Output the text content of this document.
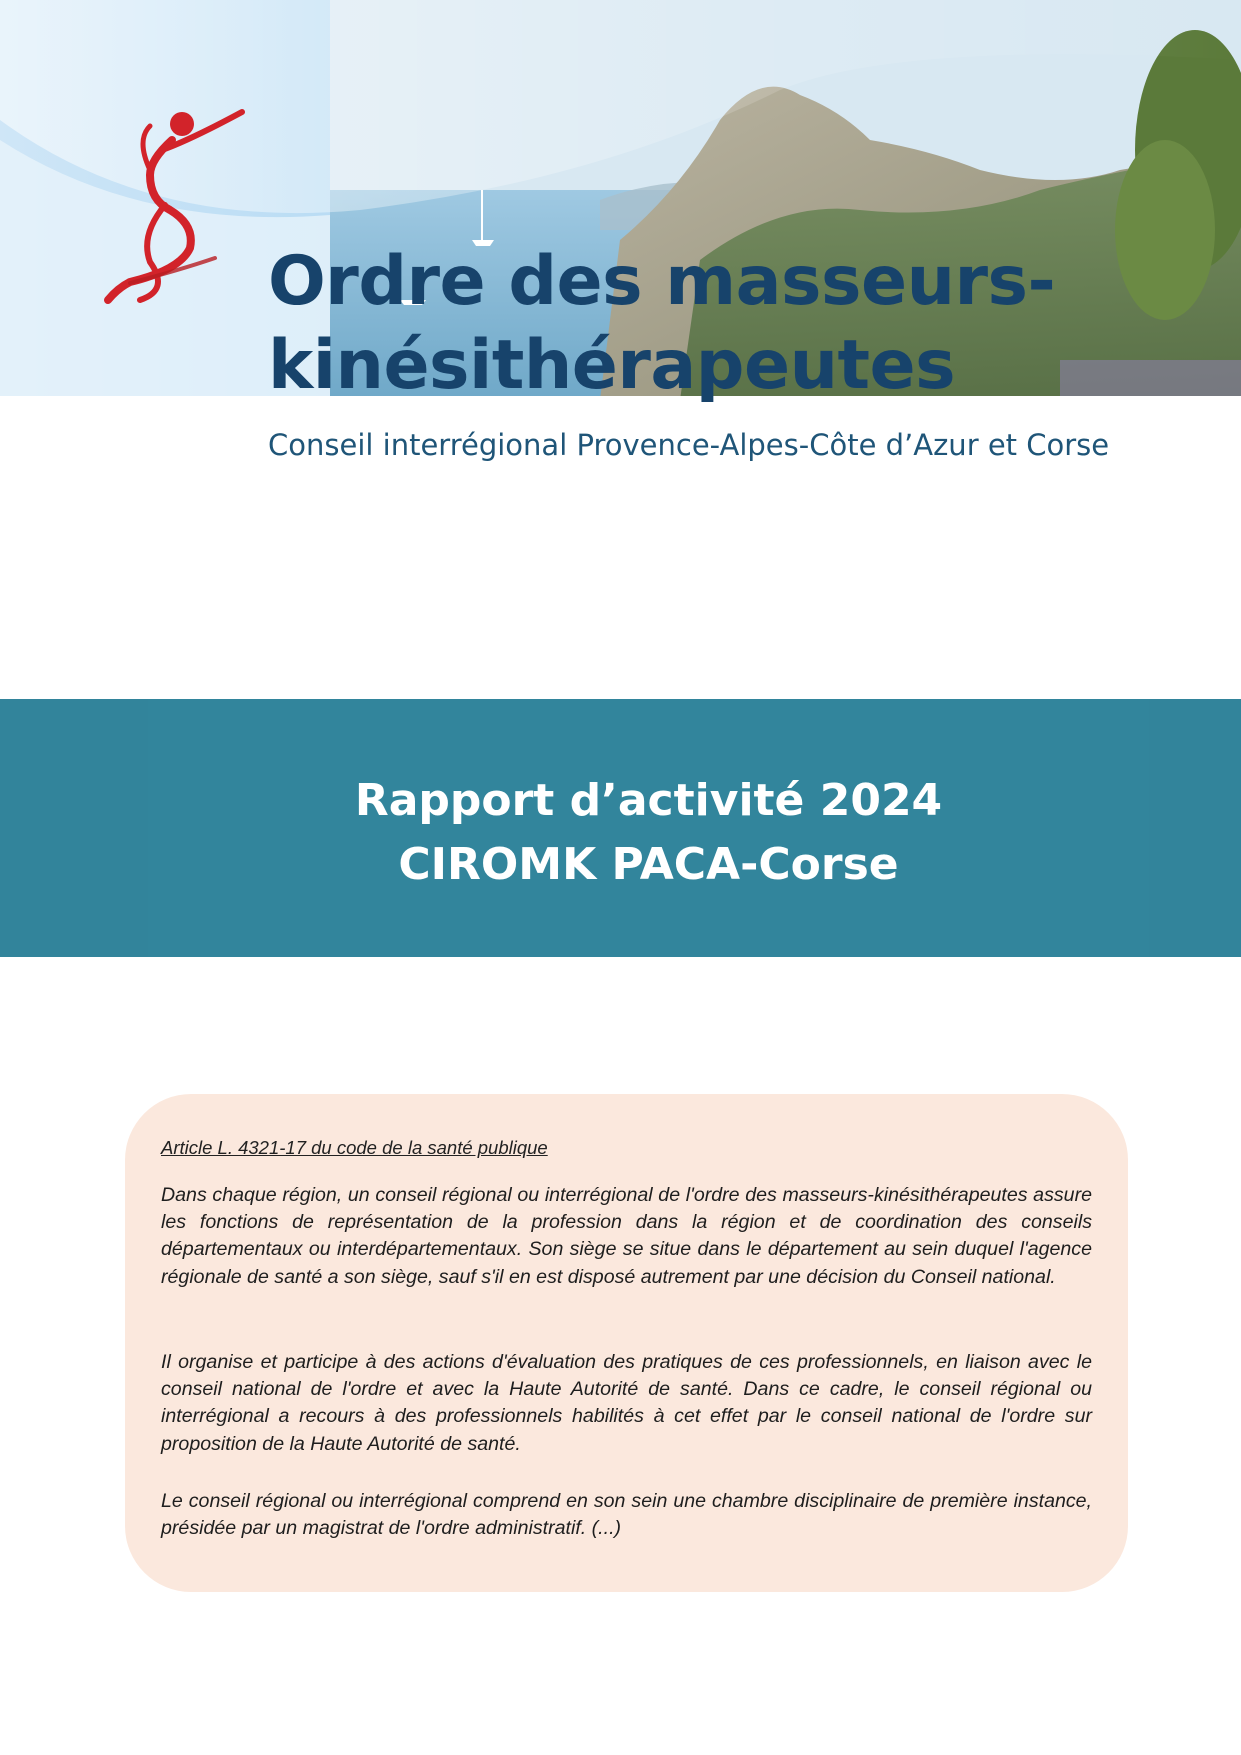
Ordre des masseurs-
kinésithérapeutes

Conseil interrégional Provence-Alpes-Côte d’Azur et Corse

Rapport d’activité 2024
CIROMK PACA-Corse

Article L. 4321-17 du code de la santé publique

Dans chaque région, un conseil régional ou interrégional de l'ordre des masseurs-kinésithérapeutes assure les fonctions de représentation de la profession dans la région et de coordination des conseils départementaux ou interdépartementaux. Son siège se situe dans le département au sein duquel l'agence régionale de santé a son siège, sauf s'il en est disposé autrement par une décision du Conseil national.

Il organise et participe à des actions d'évaluation des pratiques de ces professionnels, en liaison avec le conseil national de l'ordre et avec la Haute Autorité de santé. Dans ce cadre, le conseil régional ou interrégional a recours à des professionnels habilités à cet effet par le conseil national de l'ordre sur proposition de la Haute Autorité de santé.

Le conseil régional ou interrégional comprend en son sein une chambre disciplinaire de première instance, présidée par un magistrat de l'ordre administratif. (...)
